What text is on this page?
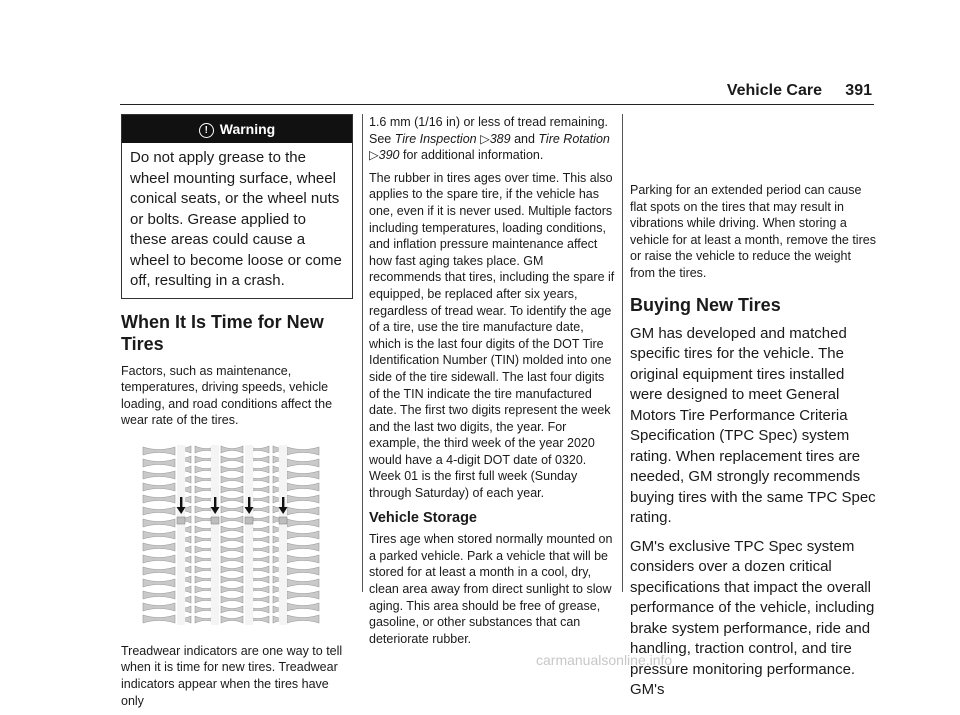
Vehicle Care 391
! Warning
Do not apply grease to the wheel mounting surface, wheel conical seats, or the wheel nuts or bolts. Grease applied to these areas could cause a wheel to become loose or come off, resulting in a crash.
When It Is Time for New Tires

Factors, such as maintenance, temperatures, driving speeds, vehicle loading, and road conditions affect the wear rate of the tires.

Treadwear indicators are one way to tell when it is time for new tires. Treadwear indicators appear when the tires have only

1.6 mm (1/16 in) or less of tread remaining. See Tire Inspection ▷389 and Tire Rotation ▷390 for additional information.

The rubber in tires ages over time. This also applies to the spare tire, if the vehicle has one, even if it is never used. Multiple factors including temperatures, loading conditions, and inflation pressure maintenance affect how fast aging takes place. GM recommends that tires, including the spare if equipped, be replaced after six years, regardless of tread wear. To identify the age of a tire, use the tire manufacture date, which is the last four digits of the DOT Tire Identification Number (TIN) molded into one side of the tire sidewall. The last four digits of the TIN indicate the tire manufactured date. The first two digits represent the week and the last two digits, the year. For example, the third week of the year 2020 would have a 4-digit DOT date of 0320. Week 01 is the first full week (Sunday through Saturday) of each year.

Vehicle Storage

Tires age when stored normally mounted on a parked vehicle. Park a vehicle that will be stored for at least a month in a cool, dry, clean area away from direct sunlight to slow aging. This area should be free of grease, gasoline, or other substances that can deteriorate rubber.

Parking for an extended period can cause flat spots on the tires that may result in vibrations while driving. When storing a vehicle for at least a month, remove the tires or raise the vehicle to reduce the weight from the tires.

Buying New Tires

GM has developed and matched specific tires for the vehicle. The original equipment tires installed were designed to meet General Motors Tire Performance Criteria Specification (TPC Spec) system rating. When replacement tires are needed, GM strongly recommends buying tires with the same TPC Spec rating.

GM's exclusive TPC Spec system considers over a dozen critical specifications that impact the overall performance of the vehicle, including brake system performance, ride and handling, traction control, and tire pressure monitoring performance. GM's

carmanualsonline.info
